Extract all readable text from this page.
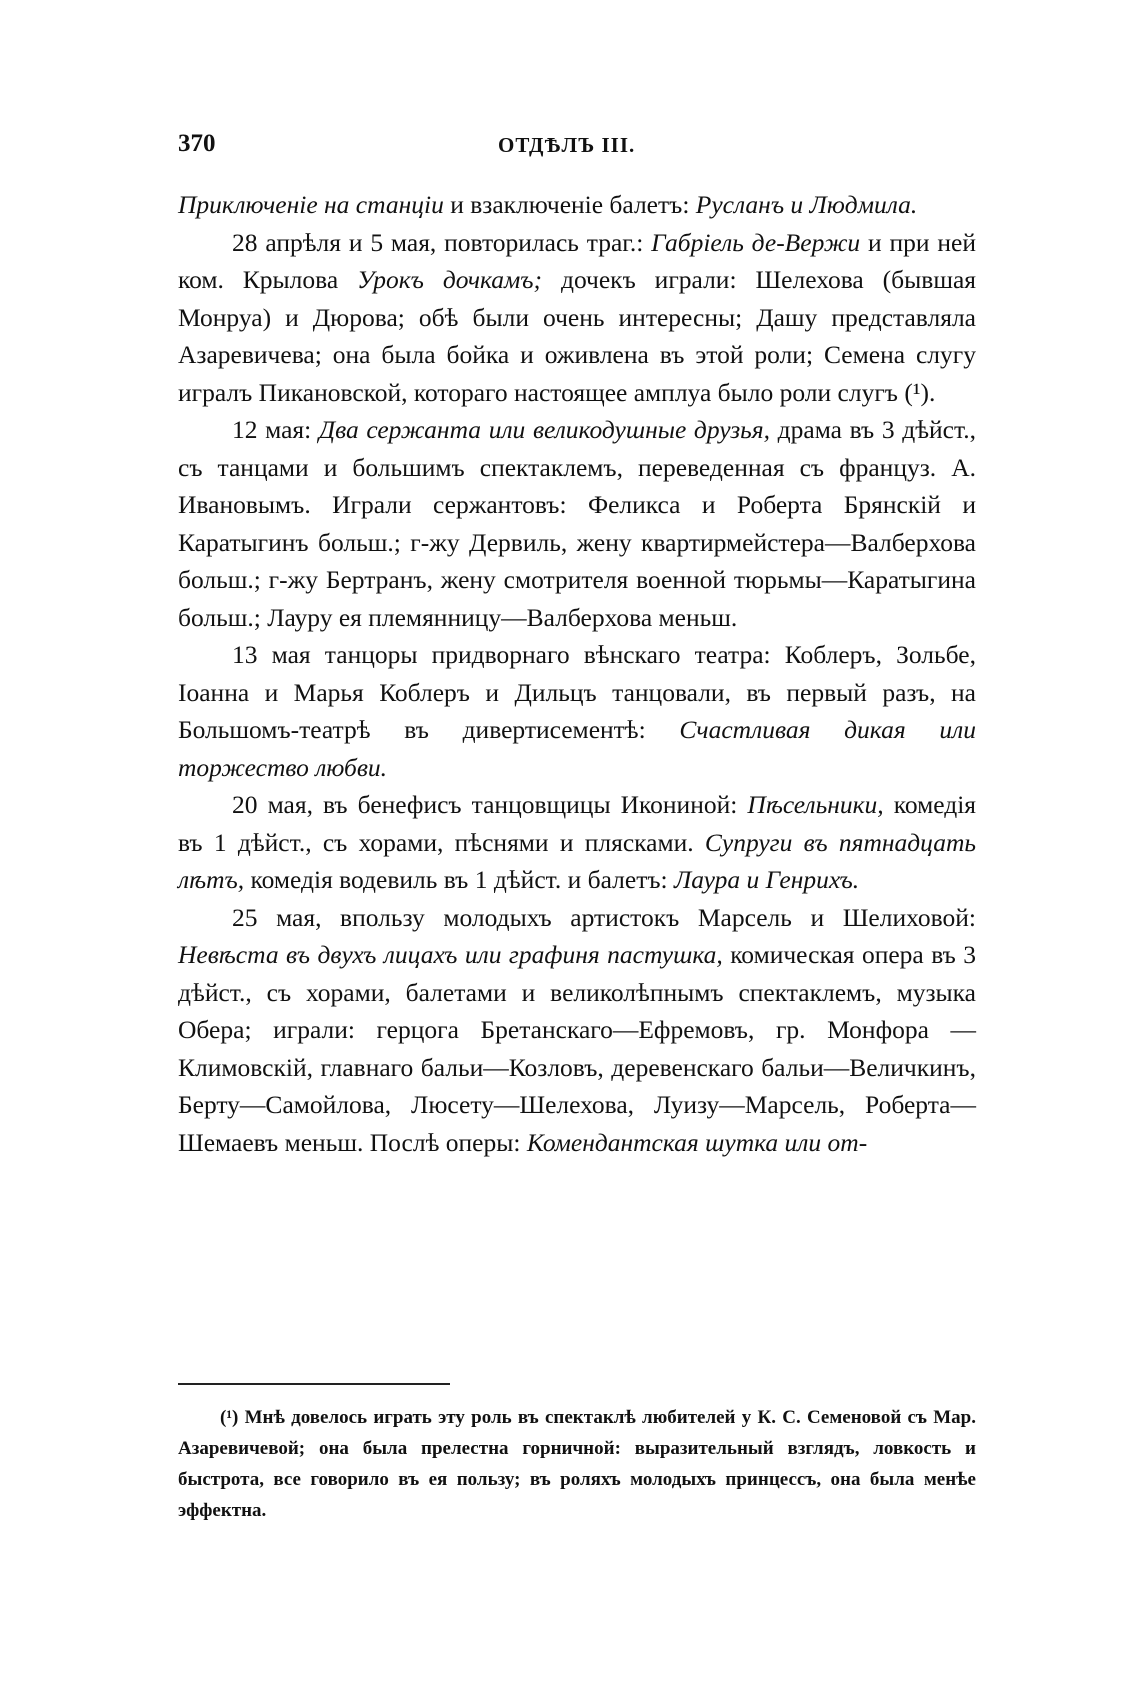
370	ОТДѢЛЪ III.

Приключеніе на станціи и взаключеніе балетъ: Русланъ и Людмила.

28 апрѣля и 5 мая, повторилась траг.: Габріель де-Вержи и при ней ком. Крылова Урокъ дочкамъ; дочекъ играли: Шелехова (бывшая Монруа) и Дюрова; обѣ были очень интересны; Дашу представляла Азаревичева; она была бойка и оживлена въ этой роли; Семена слугу игралъ Пикановской, котораго настоящее амплуа было роли слугъ (¹).

12 мая: Два сержанта или великодушные друзья, драма въ 3 дѣйст., съ танцами и большимъ спектаклемъ, переведенная съ француз. А. Ивановымъ. Играли сержантовъ: Феликса и Роберта Брянскій и Каратыгинъ больш.; г-жу Дервиль, жену квартирмейстера—Валберхова больш.; г-жу Бертранъ, жену смотрителя военной тюрьмы—Каратыгина больш.; Лауру ея племянницу—Валберхова меньш.

13 мая танцоры придворнаго вѣнскаго театра: Коблеръ, Зольбе, Іоанна и Марья Коблеръ и Дильцъ танцовали, въ первый разъ, на Большомъ-театрѣ въ дивертисементѣ: Счастливая дикая или торжество любви.

20 мая, въ бенефисъ танцовщицы Икониной: Пѣсельники, комедія въ 1 дѣйст., съ хорами, пѣснями и плясками. Супруги въ пятнадцать лѣтъ, комедія водевиль въ 1 дѣйст. и балетъ: Лаура и Генрихъ.

25 мая, впользу молодыхъ артистокъ Марсель и Шелиховой: Невѣста въ двухъ лицахъ или графиня пастушка, комическая опера въ 3 дѣйст., съ хорами, балетами и великолѣпнымъ спектаклемъ, музыка Обера; играли: герцога Бретанскаго—Ефремовъ, гр. Монфора — Климовскій, главнаго бальи—Козловъ, деревенскаго бальи—Величкинъ, Берту—Самойлова, Люсету—Шелехова, Луизу—Марсель, Роберта—Шемаевъ меньш. Послѣ оперы: Комендантская шутка или от-

(¹) Мнѣ довелось играть эту роль въ спектаклѣ любителей у К. С. Семеновой съ Мар. Азаревичевой; она была прелестна горничной: выразительный взглядъ, ловкость и быстрота, все говорило въ ея пользу; въ роляхъ молодыхъ принцессъ, она была менѣе эффектна.
